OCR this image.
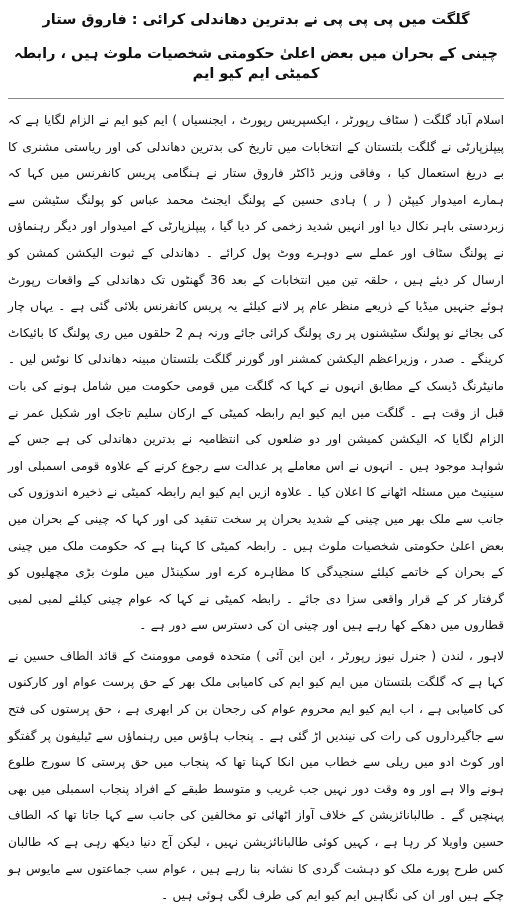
گلگت میں پی پی پی نے بدترین دھاندلی کرائی : فاروق ستار
چینی کے بحران میں بعض اعلیٰ حکومتی شخصیات ملوث ہیں ، رابطہ کمیٹی ایم کیو ایم

اسلام آباد گلگت ( سٹاف رپورٹر ، ایکسپریس رپورٹ ، ایجنسیاں ) ایم کیو ایم نے الزام لگایا ہے کہ پیپلزپارٹی نے گلگت بلتستان کے انتخابات میں تاریخ کی بدترین دھاندلی کی اور ریاستی مشنری کا بے دریغ استعمال کیا ، وفاقی وزیر ڈاکٹر فاروق ستار نے ہنگامی پریس کانفرنس میں کہا کہ ہمارے امیدوار کیپٹن ( ر ) ہادی حسین کے پولنگ ایجنٹ محمد عباس کو پولنگ سٹیشن سے زبردستی باہر نکال دیا اور انہیں شدید زخمی کر دیا گیا ، پیپلزپارٹی کے امیدوار اور دیگر رہنماؤں نے پولنگ سٹاف اور عملے سے دوہرے ووٹ پول کرائے ۔ دھاندلی کے ثبوت الیکشن کمشن کو ارسال کر دیئے ہیں ، حلقہ تین میں انتخابات کے بعد 36 گھنٹوں تک دھاندلی کے واقعات رپورٹ ہوئے جنہیں میڈیا کے ذریعے منظر عام پر لانے کیلئے یہ پریس کانفرنس بلائی گئی ہے ۔ یہاں چار کی بجائے نو پولنگ سٹیشنوں پر ری پولنگ کرائی جائے ورنہ ہم 2 حلقوں میں ری پولنگ کا بائیکاٹ کرینگے ۔ صدر ، وزیراعظم الیکشن کمشنر اور گورنر گلگت بلتستان مبینہ دھاندلی کا نوٹس لیں ۔ مانیٹرنگ ڈیسک کے مطابق انہوں نے کہا کہ گلگت میں قومی حکومت میں شامل ہونے کی بات قبل از وقت ہے ۔ گلگت میں ایم کیو ایم رابطہ کمیٹی کے ارکان سلیم تاجک اور شکیل عمر نے الزام لگایا کہ الیکشن کمیشن اور دو ضلعوں کی انتظامیہ نے بدترین دھاندلی کی ہے جس کے شواہد موجود ہیں ۔ انہوں نے اس معاملے پر عدالت سے رجوع کرنے کے علاوہ قومی اسمبلی اور سینیٹ میں مسئلہ اٹھانے کا اعلان کیا ۔ علاوہ ازیں ایم کیو ایم رابطہ کمیٹی نے ذخیرہ اندوزوں کی جانب سے ملک بھر میں چینی کے شدید بحران پر سخت تنقید کی اور کہا کہ چینی کے بحران میں بعض اعلیٰ حکومتی شخصیات ملوث ہیں ۔ رابطہ کمیٹی کا کہنا ہے کہ حکومت ملک میں چینی کے بحران کے خاتمے کیلئے سنجیدگی کا مظاہرہ کرے اور سکینڈل میں ملوث بڑی مچھلیوں کو گرفتار کر کے قرار واقعی سزا دی جائے ۔ رابطہ کمیٹی نے کہا کہ عوام چینی کیلئے لمبی لمبی قطاروں میں دھکے کھا رہے ہیں اور چینی ان کی دسترس سے دور ہے ۔

لاہور ، لندن ( جنرل نیوز رپورٹر ، این این آئی ) متحدہ قومی موومنٹ کے قائد الطاف حسین نے کہا ہے کہ گلگت بلتستان میں ایم کیو ایم کی کامیابی ملک بھر کے حق پرست عوام اور کارکنوں کی کامیابی ہے ، اب ایم کیو ایم محروم عوام کی رجحان بن کر ابھری ہے ، حق پرستوں کی فتح سے جاگیرداروں کی رات کی نیندیں اڑ گئی ہے ۔ پنجاب ہاؤس میں رہنماؤں سے ٹیلیفون پر گفتگو اور کوٹ ادو میں ریلی سے خطاب میں انکا کہنا تھا کہ پنجاب میں حق پرستی کا سورج طلوع ہونے والا ہے اور وہ وقت دور نہیں جب غریب و متوسط طبقے کے افراد پنجاب اسمبلی میں بھی پہنچیں گے ۔ طالبانائزیشن کے خلاف آواز اٹھائی تو مخالفین کی جانب سے کہا جاتا تھا کہ الطاف حسین واویلا کر رہا ہے ، کہیں کوئی طالبانائزیشن نہیں ، لیکن آج دنیا دیکھ رہی ہے کہ طالبان کس طرح پورے ملک کو دہشت گردی کا نشانہ بنا رہے ہیں ، عوام سب جماعتوں سے مایوس ہو چکے ہیں اور ان کی نگاہیں ایم کیو ایم کی طرف لگی ہوئی ہیں ۔
